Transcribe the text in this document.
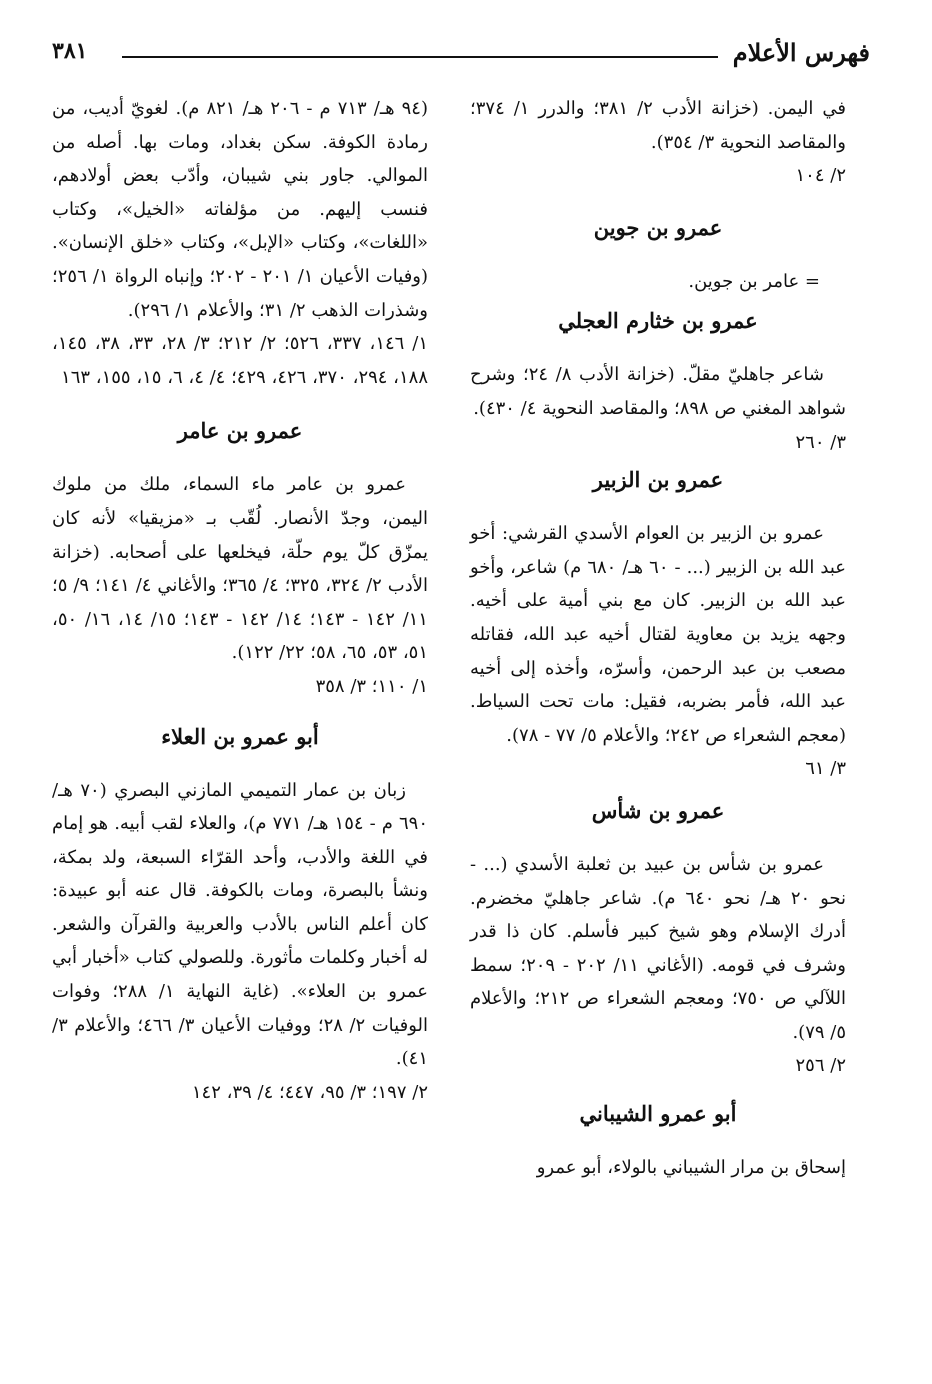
فهرس الأعلام
٣٨١

في اليمن. (خزانة الأدب ٢/ ٣٨١؛ والدرر ١/ ٣٧٤؛ والمقاصد النحوية ٣/ ٣٥٤).

٢/ ١٠٤

عمرو بن جوين

= عامر بن جوين.

عمرو بن خثارم العجلي

شاعر جاهليّ مقلّ. (خزانة الأدب ٨/ ٢٤؛ وشرح شواهد المغني ص ٨٩٨؛ والمقاصد النحوية ٤/ ٤٣٠).

٣/ ٢٦٠

عمرو بن الزبير

عمرو بن الزبير بن العوام الأسدي القرشي: أخو عبد الله بن الزبير (... - ٦٠ هـ/ ٦٨٠ م) شاعر، وأخو عبد الله بن الزبير. كان مع بني أمية على أخيه. وجهه يزيد بن معاوية لقتال أخيه عبد الله، فقاتله مصعب بن عبد الرحمن، وأسرّه، وأخذه إلى أخيه عبد الله، فأمر بضربه، فقيل: مات تحت السياط. (معجم الشعراء ص ٢٤٢؛ والأعلام ٥/ ٧٧ - ٧٨).

٣/ ٦١

عمرو بن شأس

عمرو بن شأس بن عبيد بن ثعلبة الأسدي (... - نحو ٢٠ هـ/ نحو ٦٤٠ م). شاعر جاهليّ مخضرم. أدرك الإسلام وهو شيخ كبير فأسلم. كان ذا قدر وشرف في قومه. (الأغاني ١١/ ٢٠٢ - ٢٠٩؛ سمط اللآلي ص ٧٥٠؛ ومعجم الشعراء ص ٢١٢؛ والأعلام ٥/ ٧٩).

٢/ ٢٥٦

أبو عمرو الشيباني

إسحاق بن مرار الشيباني بالولاء، أبو عمرو

(٩٤ هـ/ ٧١٣ م - ٢٠٦ هـ/ ٨٢١ م). لغويّ أديب، من رمادة الكوفة. سكن بغداد، ومات بها. أصله من الموالي. جاور بني شيبان، وأدّب بعض أولادهم، فنسب إليهم. من مؤلفاته «الخيل»، وكتاب «اللغات»، وكتاب «الإبل»، وكتاب «خلق الإنسان». (وفيات الأعيان ١/ ٢٠١ - ٢٠٢؛ وإنباه الرواة ١/ ٢٥٦؛ وشذرات الذهب ٢/ ٣١؛ والأعلام ١/ ٢٩٦).

١/ ١٤٦، ٣٣٧، ٥٢٦؛ ٢/ ٢١٢؛ ٣/ ٢٨، ٣٣، ٣٨، ١٤٥، ١٨٨، ٢٩٤، ٣٧٠، ٤٢٦، ٤٢٩؛ ٤/ ٤، ٦، ١٥، ١٥٥، ١٦٣

عمرو بن عامر

عمرو بن عامر ماء السماء، ملك من ملوك اليمن، وجدّ الأنصار. لُقّب بـ «مزيقيا» لأنه كان يمزّق كلّ يوم حلّة، فيخلعها على أصحابه. (خزانة الأدب ٢/ ٣٢٤، ٣٢٥؛ ٤/ ٣٦٥؛ والأغاني ٤/ ١٤١؛ ٩/ ٥؛ ١١/ ١٤٢ - ١٤٣؛ ١٤/ ١٤٢ - ١٤٣؛ ١٥/ ١٤، ١٦/ ٥٠، ٥١، ٥٣، ٦٥، ٥٨؛ ٢٢/ ١٢٢).

١/ ١١٠؛ ٣/ ٣٥٨

أبو عمرو بن العلاء

زبان بن عمار التميمي المازني البصري (٧٠ هـ/ ٦٩٠ م - ١٥٤ هـ/ ٧٧١ م)، والعلاء لقب أبيه. هو إمام في اللغة والأدب، وأحد القرّاء السبعة، ولد بمكة، ونشأ بالبصرة، ومات بالكوفة. قال عنه أبو عبيدة: كان أعلم الناس بالأدب والعربية والقرآن والشعر. له أخبار وكلمات مأثورة. وللصولي كتاب «أخبار أبي عمرو بن العلاء». (غاية النهاية ١/ ٢٨٨؛ وفوات الوفيات ٢/ ٢٨؛ ووفيات الأعيان ٣/ ٤٦٦؛ والأعلام ٣/ ٤١).

٢/ ١٩٧؛ ٣/ ٩٥، ٤٤٧؛ ٤/ ٣٩، ١٤٢
